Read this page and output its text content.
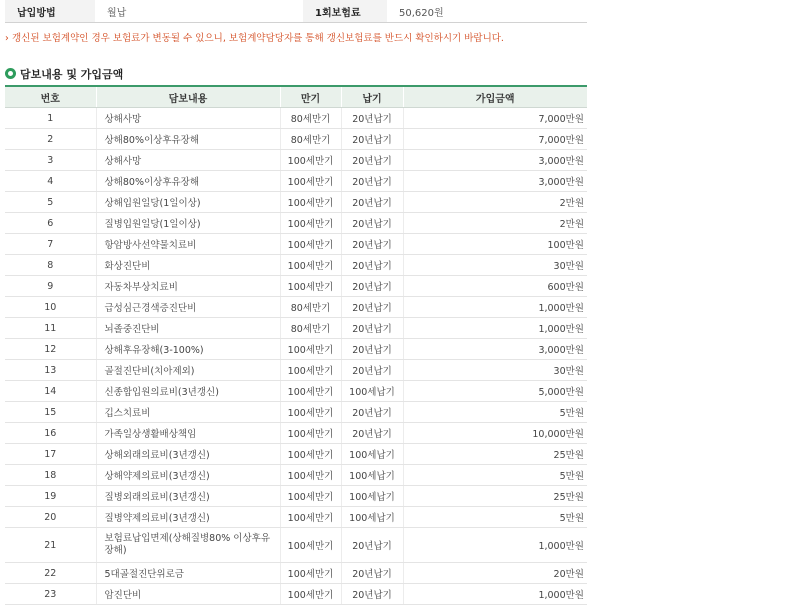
납입방법	월납	1회보험료	50,620원
› 갱신된 보험계약인 경우 보험료가 변동될 수 있으니, 보험계약담당자를 통해 갱신보험료를 반드시 확인하시기 바랍니다.
담보내용 및 가입금액
번호	담보내용	만기	납기	가입금액
1	상해사망	80세만기	20년납기	7,000만원
2	상해80%이상후유장해	80세만기	20년납기	7,000만원
3	상해사망	100세만기	20년납기	3,000만원
4	상해80%이상후유장해	100세만기	20년납기	3,000만원
5	상해입원일당(1일이상)	100세만기	20년납기	2만원
6	질병입원일당(1일이상)	100세만기	20년납기	2만원
7	항암방사선약물치료비	100세만기	20년납기	100만원
8	화상진단비	100세만기	20년납기	30만원
9	자동차부상치료비	100세만기	20년납기	600만원
10	급성심근경색증진단비	80세만기	20년납기	1,000만원
11	뇌졸중진단비	80세만기	20년납기	1,000만원
12	상해후유장해(3-100%)	100세만기	20년납기	3,000만원
13	골절진단비(치아제외)	100세만기	20년납기	30만원
14	신종합입원의료비(3년갱신)	100세만기	100세납기	5,000만원
15	깁스치료비	100세만기	20년납기	5만원
16	가족일상생활배상책임	100세만기	20년납기	10,000만원
17	상해외래의료비(3년갱신)	100세만기	100세납기	25만원
18	상해약제의료비(3년갱신)	100세만기	100세납기	5만원
19	질병외래의료비(3년갱신)	100세만기	100세납기	25만원
20	질병약제의료비(3년갱신)	100세만기	100세납기	5만원
21	보험료납입면제(상해질병80% 이상후유장해)	100세만기	20년납기	1,000만원
22	5대골절진단위로금	100세만기	20년납기	20만원
23	암진단비	100세만기	20년납기	1,000만원
